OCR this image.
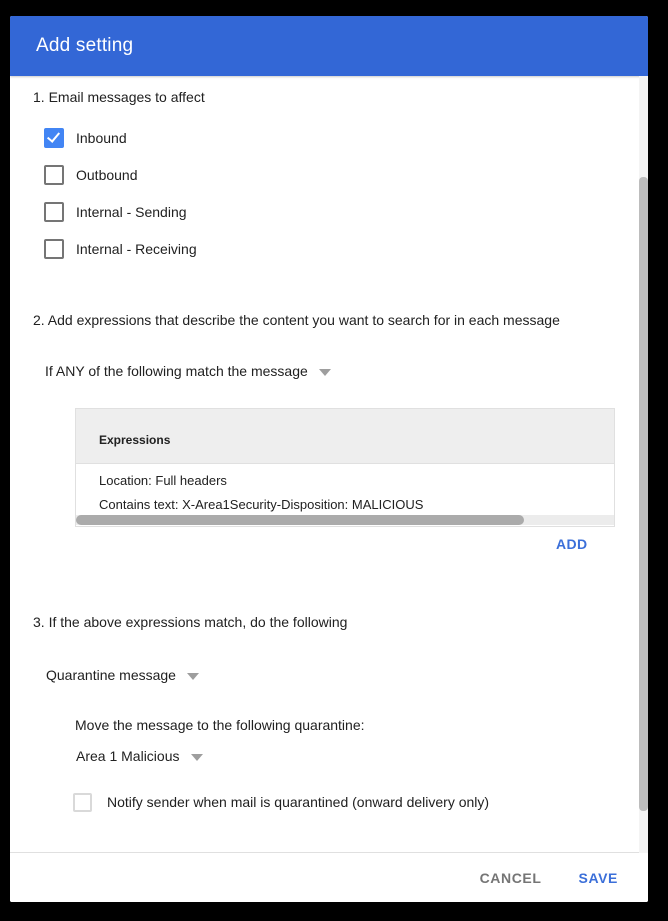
Add setting
1. Email messages to affect
Inbound
Outbound
Internal - Sending
Internal - Receiving
2. Add expressions that describe the content you want to search for in each message
If ANY of the following match the message
Expressions
Location: Full headers
Contains text: X-Area1Security-Disposition: MALICIOUS
ADD
3. If the above expressions match, do the following
Quarantine message
Move the message to the following quarantine:
Area 1 Malicious
Notify sender when mail is quarantined (onward delivery only)
CANCEL	SAVE
